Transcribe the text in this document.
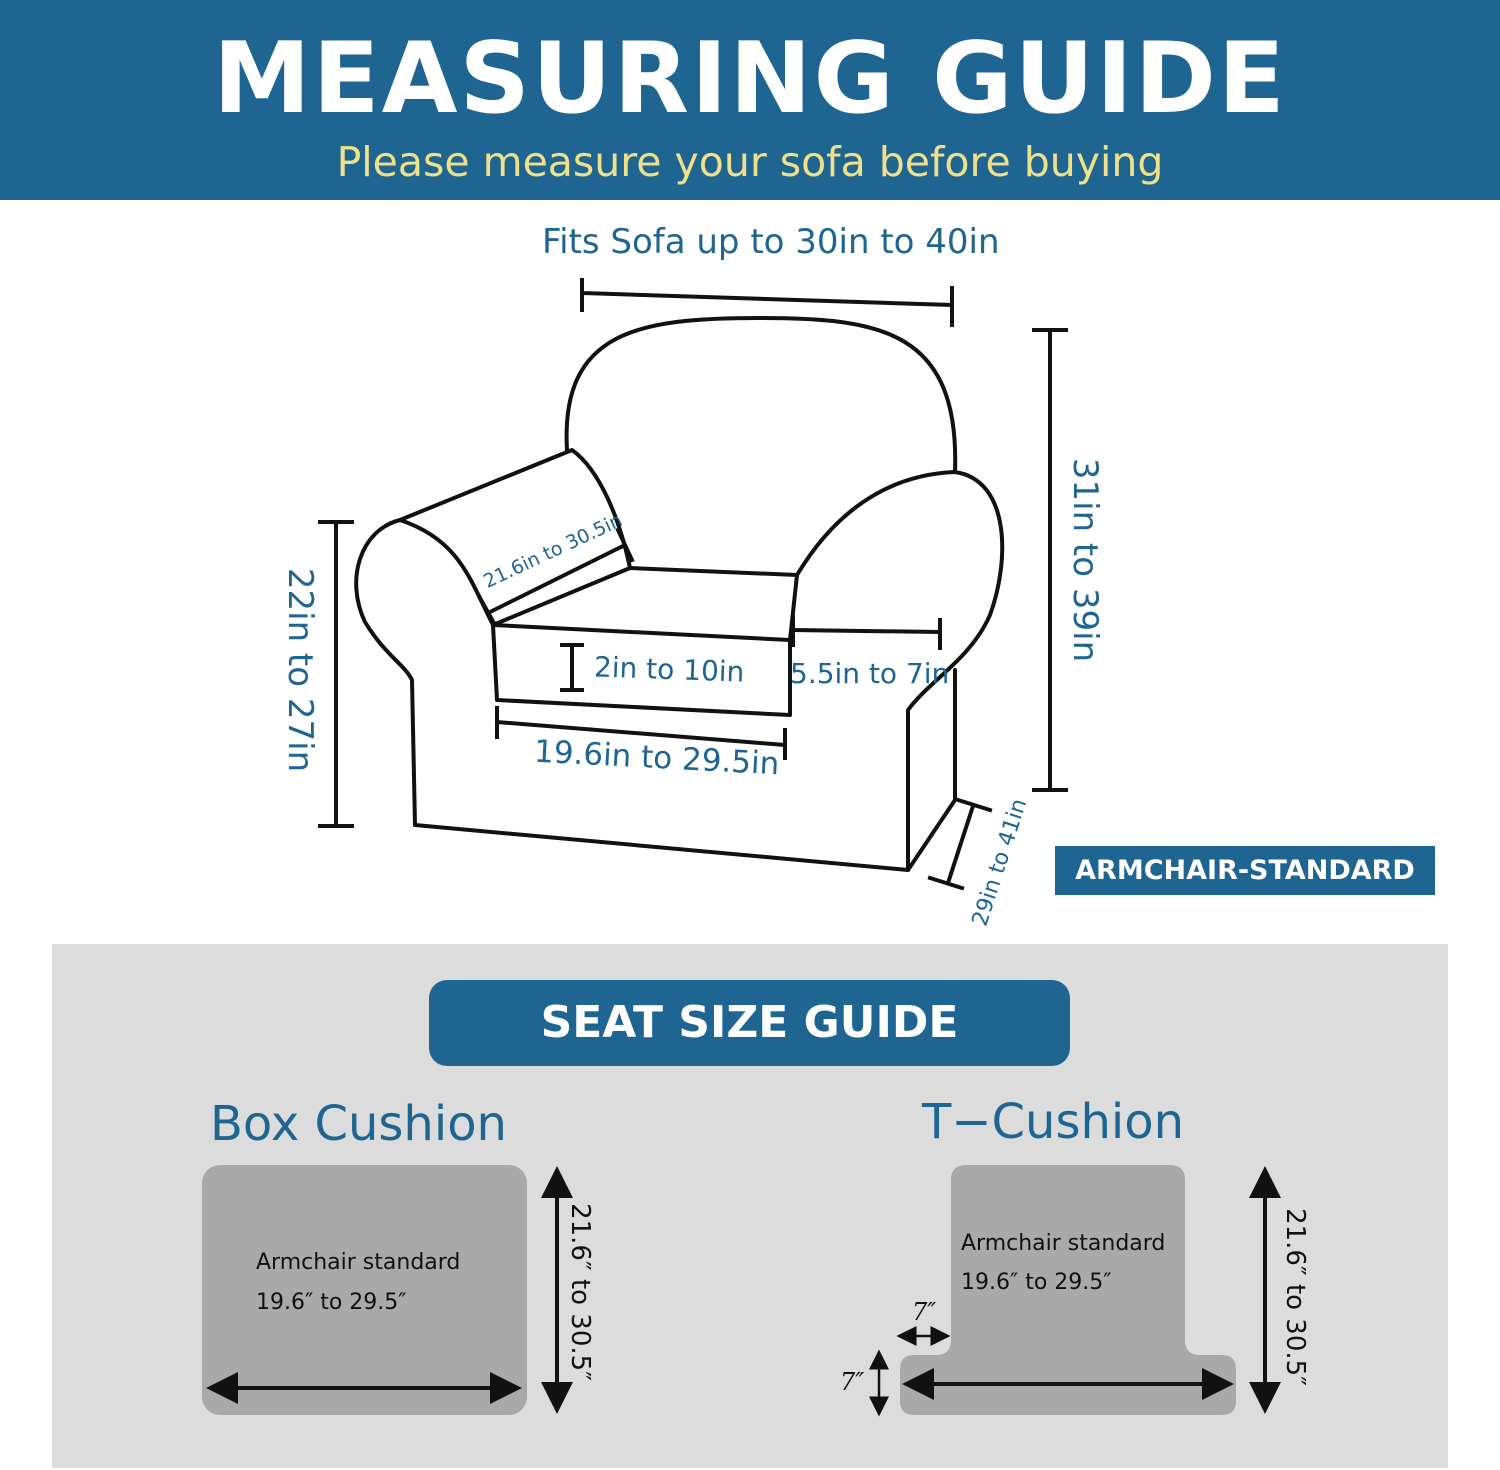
MEASURING GUIDE
Please measure your sofa before buying
Fits Sofa up to 30in to 40in
31in to 39in
22in to 27in
29in to 41in
21.6in to 30.5in
2in to 10in 5.5in to 7in
19.6in to 29.5in
ARMCHAIR-STANDARD
SEAT SIZE GUIDE
Box Cushion	T−Cushion
Armchair standard
19.6″ to 29.5″	21.6″ to 30.5″	Armchair standard
19.6″ to 29.5″	21.6″ to 30.5″
7″
7″
